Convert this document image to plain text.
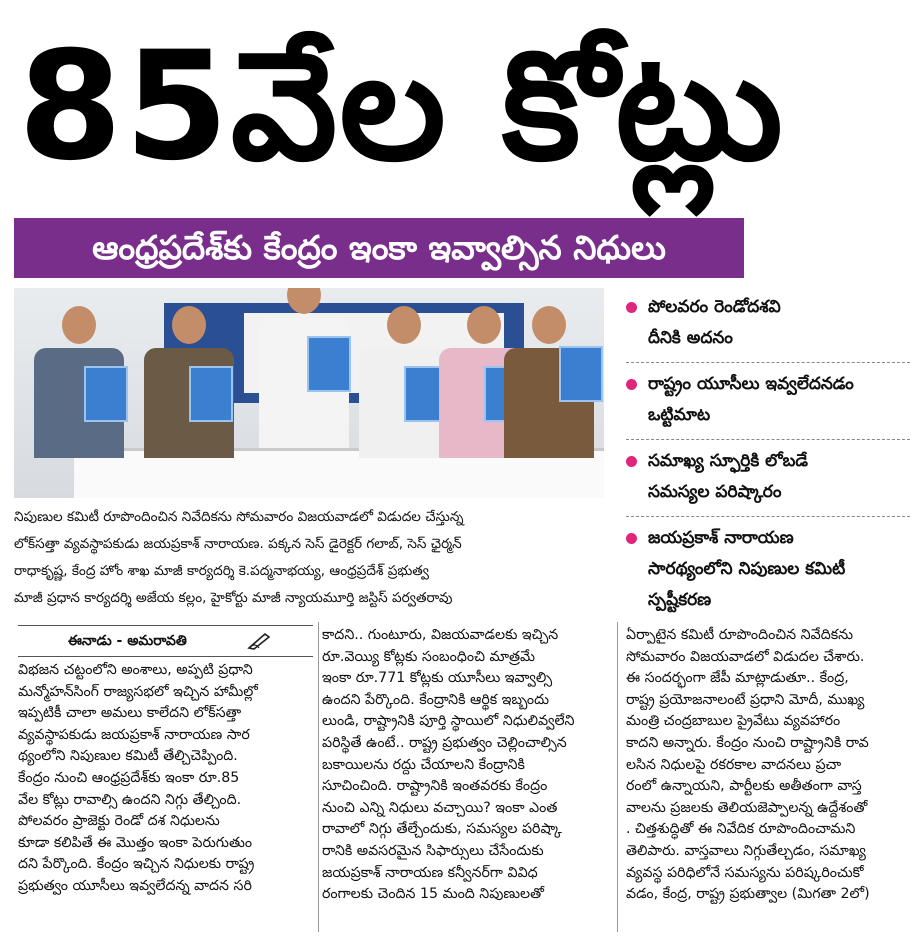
85వేల కోట్లు
ఆంధ్రప్రదేశ్‌కు కేంద్రం ఇంకా ఇవ్వాల్సిన నిధులు
నిపుణుల కమిటీ రూపొందించిన నివేదికను సోమవారం విజయవాడలో విడుదల చేస్తున్న
లోక్‌సత్తా వ్యవస్థాపకుడు జయప్రకాశ్ నారాయణ. పక్కన సెస్ డైరెక్టర్ గలాబ్, సెస్ ఛైర్మన్
రాధాకృష్ణ, కేంద్ర హోం శాఖ మాజీ కార్యదర్శి కె.పద్మనాభయ్య, ఆంధ్రప్రదేశ్ ప్రభుత్వ
మాజీ ప్రధాన కార్యదర్శి అజేయ కల్లం, హైకోర్టు మాజీ న్యాయమూర్తి జస్టిస్ పర్వతరావు
పోలవరం రెండోదశవి
దీనికి అదనం
రాష్ట్రం యూసీలు ఇవ్వలేదనడం
ఒట్టిమాట
సమాఖ్య స్ఫూర్తికి లోబడే
సమస్యల పరిష్కారం
జయప్రకాశ్ నారాయణ
సారథ్యంలోని నిపుణుల కమిటీ
స్పష్టీకరణ
ఈనాడు - అమరావతి
విభజన చట్టంలోని అంశాలు, అప్పటి ప్రధాని
మన్మోహన్‌సింగ్ రాజ్యసభలో ఇచ్చిన హామీల్లో
ఇప్పటికీ చాలా అమలు కాలేదని లోక్‌సత్తా
వ్యవస్థాపకుడు జయప్రకాశ్ నారాయణ సార
థ్యంలోని నిపుణుల కమిటీ తేల్చిచెప్పింది.
కేంద్రం నుంచి ఆంధ్రప్రదేశ్‌కు ఇంకా రూ.85
వేల కోట్లు రావాల్సి ఉందని నిగ్గు తేల్చింది.
పోలవరం ప్రాజెక్టు రెండో దశ నిధులను
కూడా కలిపితే ఈ మొత్తం ఇంకా పెరుగుతుం
దని పేర్కొంది. కేంద్రం ఇచ్చిన నిధులకు రాష్ట్ర
ప్రభుత్వం యూసీలు ఇవ్వలేదన్న వాదన సరి
కాదని.. గుంటూరు, విజయవాడలకు ఇచ్చిన
రూ.వెయ్యి కోట్లకు సంబంధించి మాత్రమే
ఇంకా రూ.771 కోట్లకు యూసీలు ఇవ్వాల్సి
ఉందని పేర్కొంది. కేంద్రానికి ఆర్థిక ఇబ్బందు
లుండి, రాష్ట్రానికి పూర్తి స్థాయిలో నిధులివ్వలేని
పరిస్థితే ఉంటే.. రాష్ట్ర ప్రభుత్వం చెల్లించాల్సిన
బకాయిలను రద్దు చేయాలని కేంద్రానికి
సూచించింది. రాష్ట్రానికి ఇంతవరకు కేంద్రం
నుంచి ఎన్ని నిధులు వచ్చాయి? ఇంకా ఎంత
రావాలో నిగ్గు తేల్చేందుకు, సమస్యల పరిష్కా
రానికి అవసరమైన సిఫార్సులు చేసేందుకు
జయప్రకాశ్ నారాయణ కన్వీనర్‌గా వివిధ
రంగాలకు చెందిన 15 మంది నిపుణులతో
ఏర్పాటైన కమిటీ రూపొందించిన నివేదికను
సోమవారం విజయవాడలో విడుదల చేశారు.
ఈ సందర్భంగా జేపీ మాట్లాడుతూ.. కేంద్ర,
రాష్ట్ర ప్రయోజనాలంటే ప్రధాని మోదీ, ముఖ్య
మంత్రి చంద్రబాబుల ప్రైవేటు వ్యవహారం
కాదని అన్నారు. కేంద్రం నుంచి రాష్ట్రానికి రావ
లసిన నిధులపై రకరకాల వాదనలు ప్రచా
రంలో ఉన్నాయని, పార్టీలకు అతీతంగా వాస్త
వాలను ప్రజలకు తెలియజెప్పాలన్న ఉద్దేశంతో
. చిత్తశుద్ధితో ఈ నివేదిక రూపొందించామని
తెలిపారు. వాస్తవాలు నిగ్గుతేల్చడం, సమాఖ్య
వ్యవస్థ పరిధిలోనే సమస్యను పరిష్కరించుకో
వడం, కేంద్ర, రాష్ట్ర ప్రభుత్వాల (మిగతా 2లో)
